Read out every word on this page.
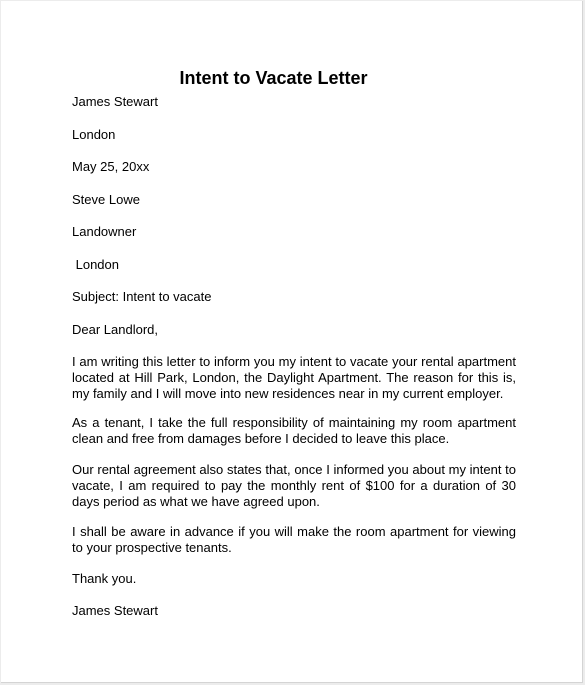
Intent to Vacate Letter
James Stewart
London
May 25, 20xx
Steve Lowe
Landowner
London
Subject: Intent to vacate
Dear Landlord,
I am writing this letter to inform you my intent to vacate your rental apartment located at Hill Park, London, the Daylight Apartment. The reason for this is, my family and I will move into new residences near in my current employer.
As a tenant, I take the full responsibility of maintaining my room apartment clean and free from damages before I decided to leave this place.
Our rental agreement also states that, once I informed you about my intent to vacate, I am required to pay the monthly rent of $100 for a duration of 30 days period as what we have agreed upon.
I shall be aware in advance if you will make the room apartment for viewing to your prospective tenants.
Thank you.
James Stewart
